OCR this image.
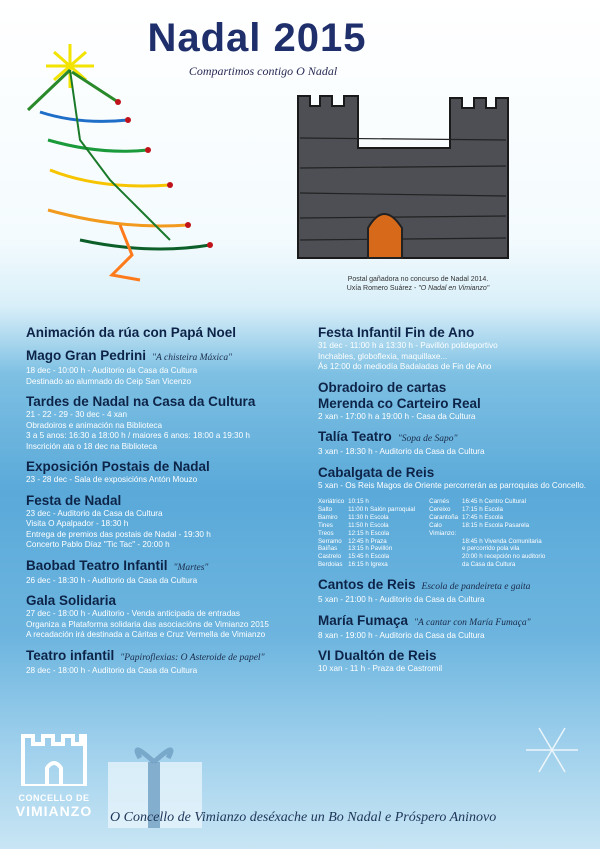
Nadal 2015
Compartimos contigo O Nadal
Postal gañadora no concurso de Nadal 2014.
Uxía Romero Suárez - "O Nadal en Vimianzo"
Animación da rúa con Papá Noel
Mago Gran Pedrini "A chisteira Máxica"
18 dec - 10:00 h - Auditorio da Casa da Cultura
Destinado ao alumnado do Ceip San Vicenzo
Tardes de Nadal na Casa da Cultura
21 - 22 - 29 - 30 dec - 4 xan
Obradoiros e animación na Biblioteca
3 a 5 anos: 16:30 a 18:00 h / maiores 6 anos: 18:00 a 19:30 h
Inscrición ata o 18 dec na Biblioteca
Exposición Postais de Nadal
23 - 28 dec - Sala de exposicións Antón Mouzo
Festa de Nadal
23 dec - Auditorio da Casa da Cultura
Visita O Apalpador - 18:30 h
Entrega de premios das postais de Nadal - 19:30 h
Concerto Pablo Díaz "Tic Tac" - 20:00 h
Baobad Teatro Infantil "Martes"
26 dec - 18:30 h - Auditorio da Casa da Cultura
Gala Solidaria
27 dec - 18:00 h - Auditorio - Venda anticipada de entradas
Organiza a Plataforma solidaria das asociacións de Vimianzo 2015
A recadación irá destinada a Cáritas e Cruz Vermella de Vimianzo
Teatro infantil "Papiroflexias: O Asteroide de papel"
28 dec - 18:00 h - Auditorio da Casa da Cultura
Festa Infantil Fin de Ano
31 dec - 11:00 h a 13:30 h - Pavillón polideportivo
Inchables, globoflexia, maquillaxe...
Ás 12:00 do mediodía Badaladas de Fin de Ano
Obradoiro de cartas
Merenda co Carteiro Real
2 xan - 17:00 h a 19:00 h - Casa da Cultura
Talía Teatro "Sopa de Sapo"
3 xan - 18:30 h - Auditorio da Casa da Cultura
Cabalgata de Reis
5 xan - Os Reis Magos de Oriente percorrerán as parroquias do Concello.
Xeriátrico	10:15 h
Salto	11:00 h Salón parroquial
Bamiro	11:30 h Escola
Tines	11:50 h Escola
Treos	12:15 h Escola
Serramo	12:45 h Praza
Baíñas	13:15 h Pavillón
Castrelo	15:45 h Escola
Berdoias	16:15 h Igrexa
Carnés	16:45 h Centro Cultural
Cereixo	17:15 h Escola
Carantoña	17:45 h Escola
Calo	18:15 h Escola Pasarela
Vimianzo:	
	18:45 h Vivenda Comunitaria
	e percorrido pola vila
	20:00 h recepción no auditorio
	da Casa da Cultura
Cantos de Reis Escola de pandeireta e gaita
5 xan - 21:00 h - Auditorio da Casa da Cultura
María Fumaça "A cantar con María Fumaça"
8 xan - 19:00 h - Auditorio da Casa da Cultura
VI Dualtón de Reis
10 xan - 11 h - Praza de Castromil
CONCELLO DE
VIMIANZO O Concello de Vimianzo deséxache un Bo Nadal e Próspero Aninovo
